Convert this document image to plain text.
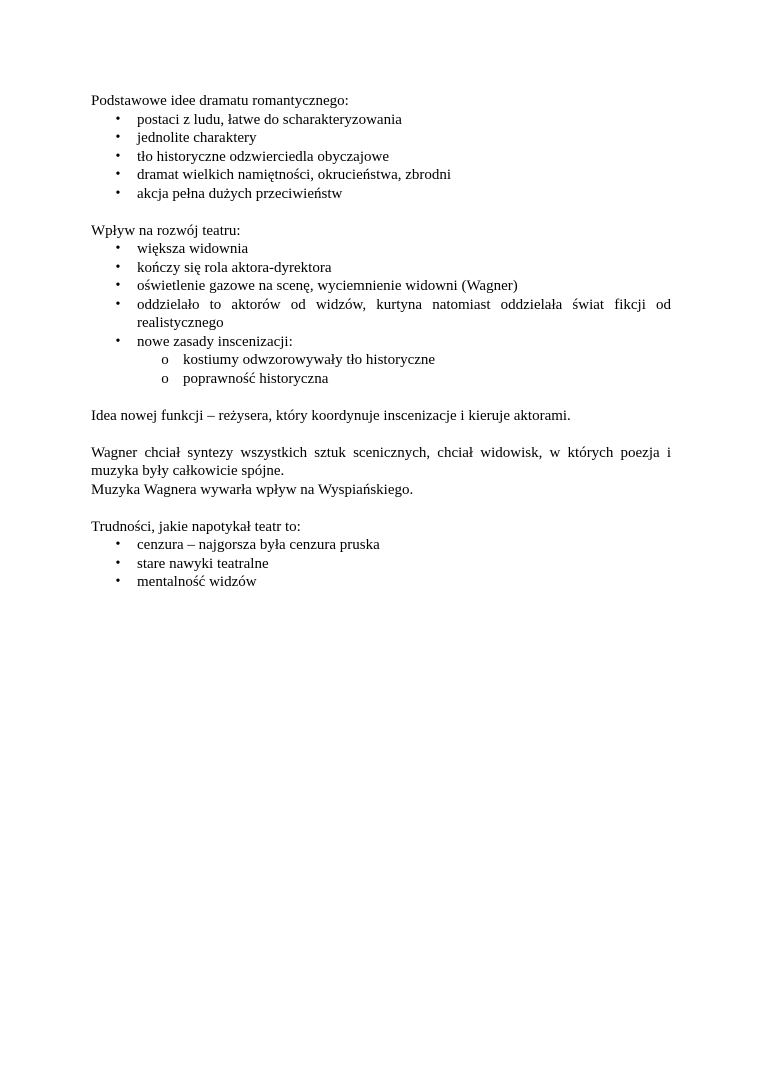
Podstawowe idee dramatu romantycznego:

•	postaci z ludu, łatwe do scharakteryzowania
•	jednolite charaktery
•	tło historyczne odzwierciedla obyczajowe
•	dramat wielkich namiętności, okrucieństwa, zbrodni
•	akcja pełna dużych przeciwieństw

Wpływ na rozwój teatru:

•	większa widownia
•	kończy się rola aktora-dyrektora
•	oświetlenie gazowe na scenę, wyciemnienie widowni (Wagner)
•	oddzielało to aktorów od widzów, kurtyna natomiast oddzielała świat fikcji od realistycznego
•	nowe zasady inscenizacji:
o kostiumy odwzorowywały tło historyczne
o poprawność historyczna

Idea nowej funkcji – reżysera, który koordynuje inscenizacje i kieruje aktorami.

Wagner chciał syntezy wszystkich sztuk scenicznych, chciał widowisk, w których poezja i muzyka były całkowicie spójne.

Muzyka Wagnera wywarła wpływ na Wyspiańskiego.

Trudności, jakie napotykał teatr to:

•	cenzura – najgorsza była cenzura pruska
•	stare nawyki teatralne
•	mentalność widzów
